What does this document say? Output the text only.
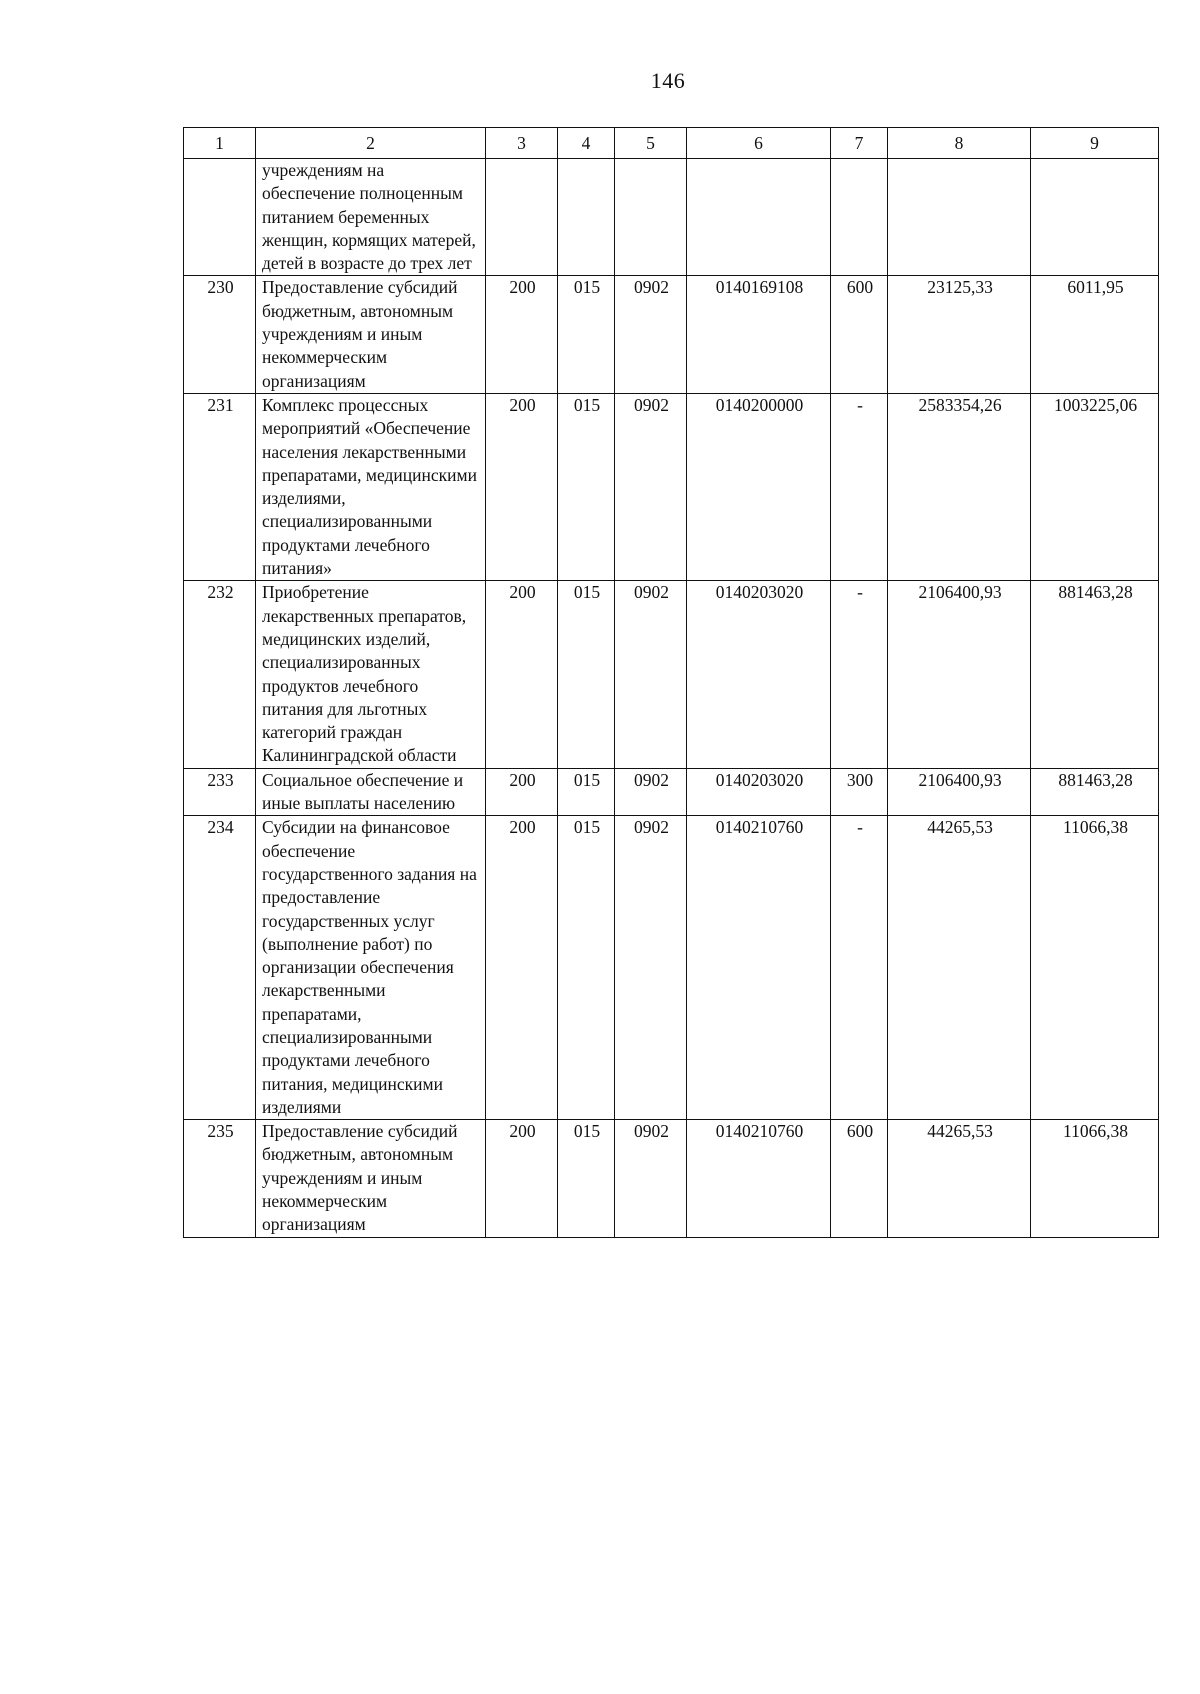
146
1	2	3	4	5	6	7	8	9
	учреждениям на обеспечение полноценным питанием беременных женщин, кормящих матерей, детей в возрасте до трех лет							
230	Предоставление субсидий бюджетным, автономным учреждениям и иным некоммерческим организациям	200	015	0902	0140169108	600	23125,33	6011,95
231	Комплекс процессных мероприятий «Обеспечение населения лекарственными препаратами, медицинскими изделиями, специализированными продуктами лечебного питания»	200	015	0902	0140200000	-	2583354,26	1003225,06
232	Приобретение лекарственных препаратов, медицинских изделий, специализированных продуктов лечебного питания для льготных категорий граждан Калининградской области	200	015	0902	0140203020	-	2106400,93	881463,28
233	Социальное обеспечение и иные выплаты населению	200	015	0902	0140203020	300	2106400,93	881463,28
234	Субсидии на финансовое обеспечение государственного задания на предоставление государственных услуг (выполнение работ) по организации обеспечения лекарственными препаратами, специализированными продуктами лечебного питания, медицинскими изделиями	200	015	0902	0140210760	-	44265,53	11066,38
235	Предоставление субсидий бюджетным, автономным учреждениям и иным некоммерческим организациям	200	015	0902	0140210760	600	44265,53	11066,38
